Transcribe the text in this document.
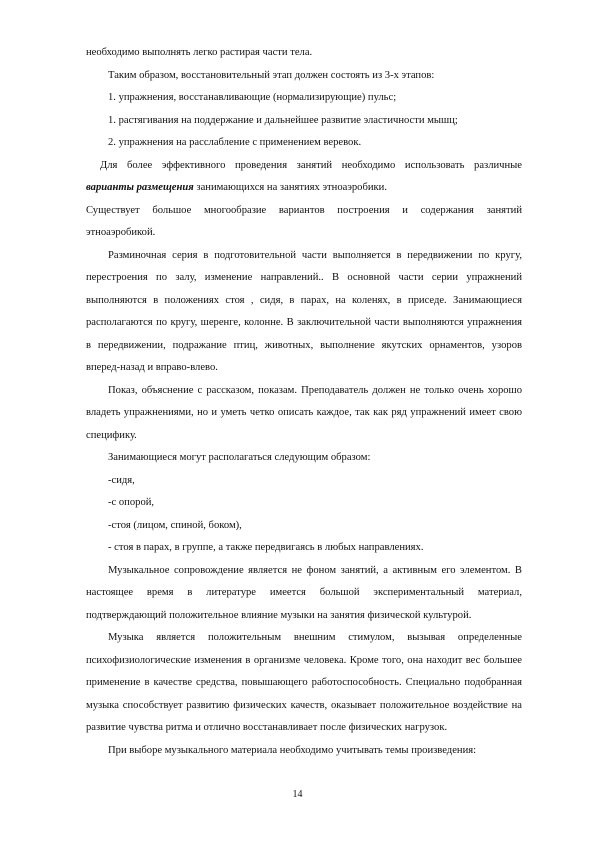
необходимо выполнять легко растирая части тела.

Таким образом, восстановительный этап должен состоять из 3-х этапов:

1. упражнения, восстанавливающие (нормализирующие) пульс;

1. растягивания на поддержание и дальнейшее развитие эластичности мышц;

2. упражнения на расслабление с применением веревок.

Для более эффективного проведения занятий необходимо использовать различные варианты размещения занимающихся на занятиях этноаэробики.

Существует большое многообразие вариантов построения и содержания занятий этноаэробикой.

Разминочная серия в подготовительной части выполняется в передвижении по кругу, перестроения по залу, изменение направлений.. В основной части серии упражнений выполняются в положениях стоя , сидя, в парах, на коленях, в приседе. Занимающиеся располагаются по кругу, шеренге, колонне. В заключительной части выполняются упражнения в передвижении, подражание птиц, животных, выполнение якутских орнаментов, узоров вперед-назад и вправо-влево.

Показ, объяснение с рассказом, показам. Преподаватель должен не только очень хорошо владеть упражнениями, но и уметь четко описать каждое, так как ряд упражнений имеет свою специфику.

Занимающиеся могут располагаться следующим образом:

-сидя,

-с опорой,

-стоя (лицом, спиной, боком),

- стоя в парах, в группе, а также передвигаясь в любых направлениях.

Музыкальное сопровождение является не фоном занятий, а активным его элементом. В настоящее время в литературе имеется большой экспериментальный материал, подтверждающий положительное влияние музыки на занятия физической культурой.

Музыка является положительным внешним стимулом, вызывая определенные психофизиологические изменения в организме человека. Кроме того, она находит вес большее применение в качестве средства, повышающего работоспособность. Специально подобранная музыка способствует развитию физических качеств, оказывает положительное воздействие на развитие чувства ритма и отлично восстанавливает после физических нагрузок.

При выборе музыкального материала необходимо учитывать темы произведения:

14
